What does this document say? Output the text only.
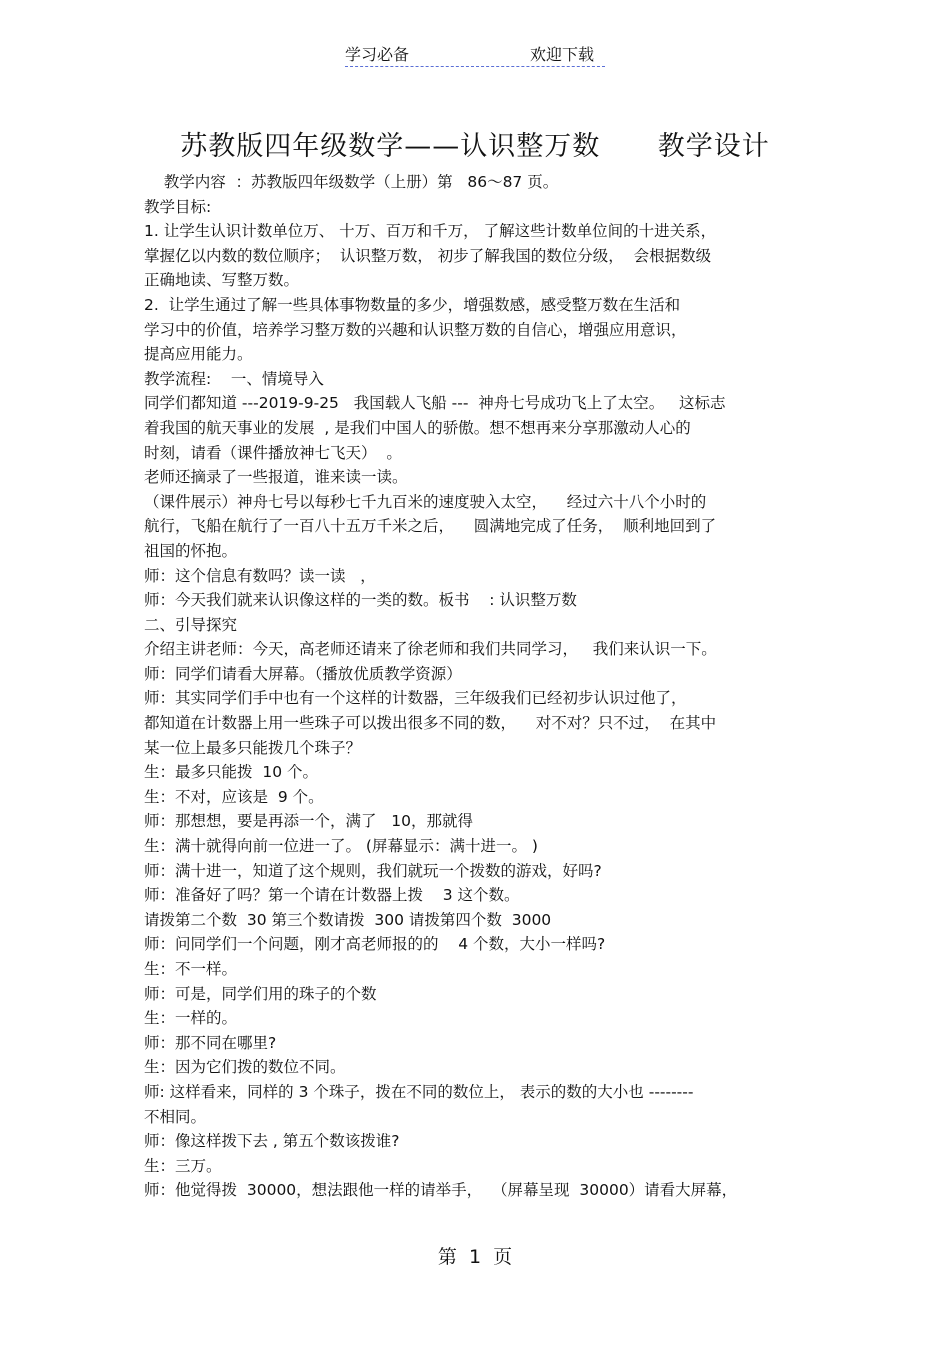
学习必备	欢迎下载
苏教版四年级数学——认识整万数      教学设计
教学内容  ：苏教版四年级数学（上册）第   86～87 页。
教学目标:
1. 让学生认识计数单位万、 十万、百万和千万， 了解这些计数单位间的十进关系，
掌握亿以内数的数位顺序；  认识整万数， 初步了解我国的数位分级，  会根据数级
正确地读、写整万数。
2.  让学生通过了解一些具体事物数量的多少，增强数感，感受整万数在生活和
学习中的价值，培养学习整万数的兴趣和认识整万数的自信心，增强应用意识，
提高应用能力。
教学流程:    一、情境导入
同学们都知道 ---2019-9-25   我国载人飞船 ---  神舟七号成功飞上了太空。   这标志
着我国的航天事业的发展  , 是我们中国人的骄傲。想不想再来分享那激动人心的
时刻，请看（课件播放神七飞天）  。
老师还摘录了一些报道，谁来读一读。
（课件展示）神舟七号以每秒七千九百米的速度驶入太空，    经过六十八个小时的
航行，飞船在航行了一百八十五万千米之后，    圆满地完成了任务，  顺利地回到了
祖国的怀抱。
师：这个信息有数吗？读一读   ，
师：今天我们就来认识像这样的一类的数。板书    : 认识整万数
二、引导探究
介绍主讲老师：今天，高老师还请来了徐老师和我们共同学习，   我们来认识一下。
师：同学们请看大屏幕。（播放优质教学资源）
师：其实同学们手中也有一个这样的计数器，三年级我们已经初步认识过他了，
都知道在计数器上用一些珠子可以拨出很多不同的数，    对不对？只不过，  在其中
某一位上最多只能拨几个珠子？
生：最多只能拨  10 个。
生：不对，应该是  9 个。
师：那想想，要是再添一个，满了   10，那就得
生：满十就得向前一位进一了。 (屏幕显示：满十进一。 )
师：满十进一，知道了这个规则，我们就玩一个拨数的游戏，好吗?
师：准备好了吗？第一个请在计数器上拨    3 这个数。
请拨第二个数  30 第三个数请拨  300 请拨第四个数  3000
师：问同学们一个问题，刚才高老师报的的    4 个数，大小一样吗?
生：不一样。
师：可是，同学们用的珠子的个数
生：一样的。
师：那不同在哪里?
生：因为它们拨的数位不同。
师: 这样看来，同样的 3 个珠子，拨在不同的数位上， 表示的数的大小也 --------
不相同。
师：像这样拨下去 , 第五个数该拨谁?
生：三万。
师：他觉得拨  30000，想法跟他一样的请举手，  （屏幕呈现  30000）请看大屏幕，
第  1  页
